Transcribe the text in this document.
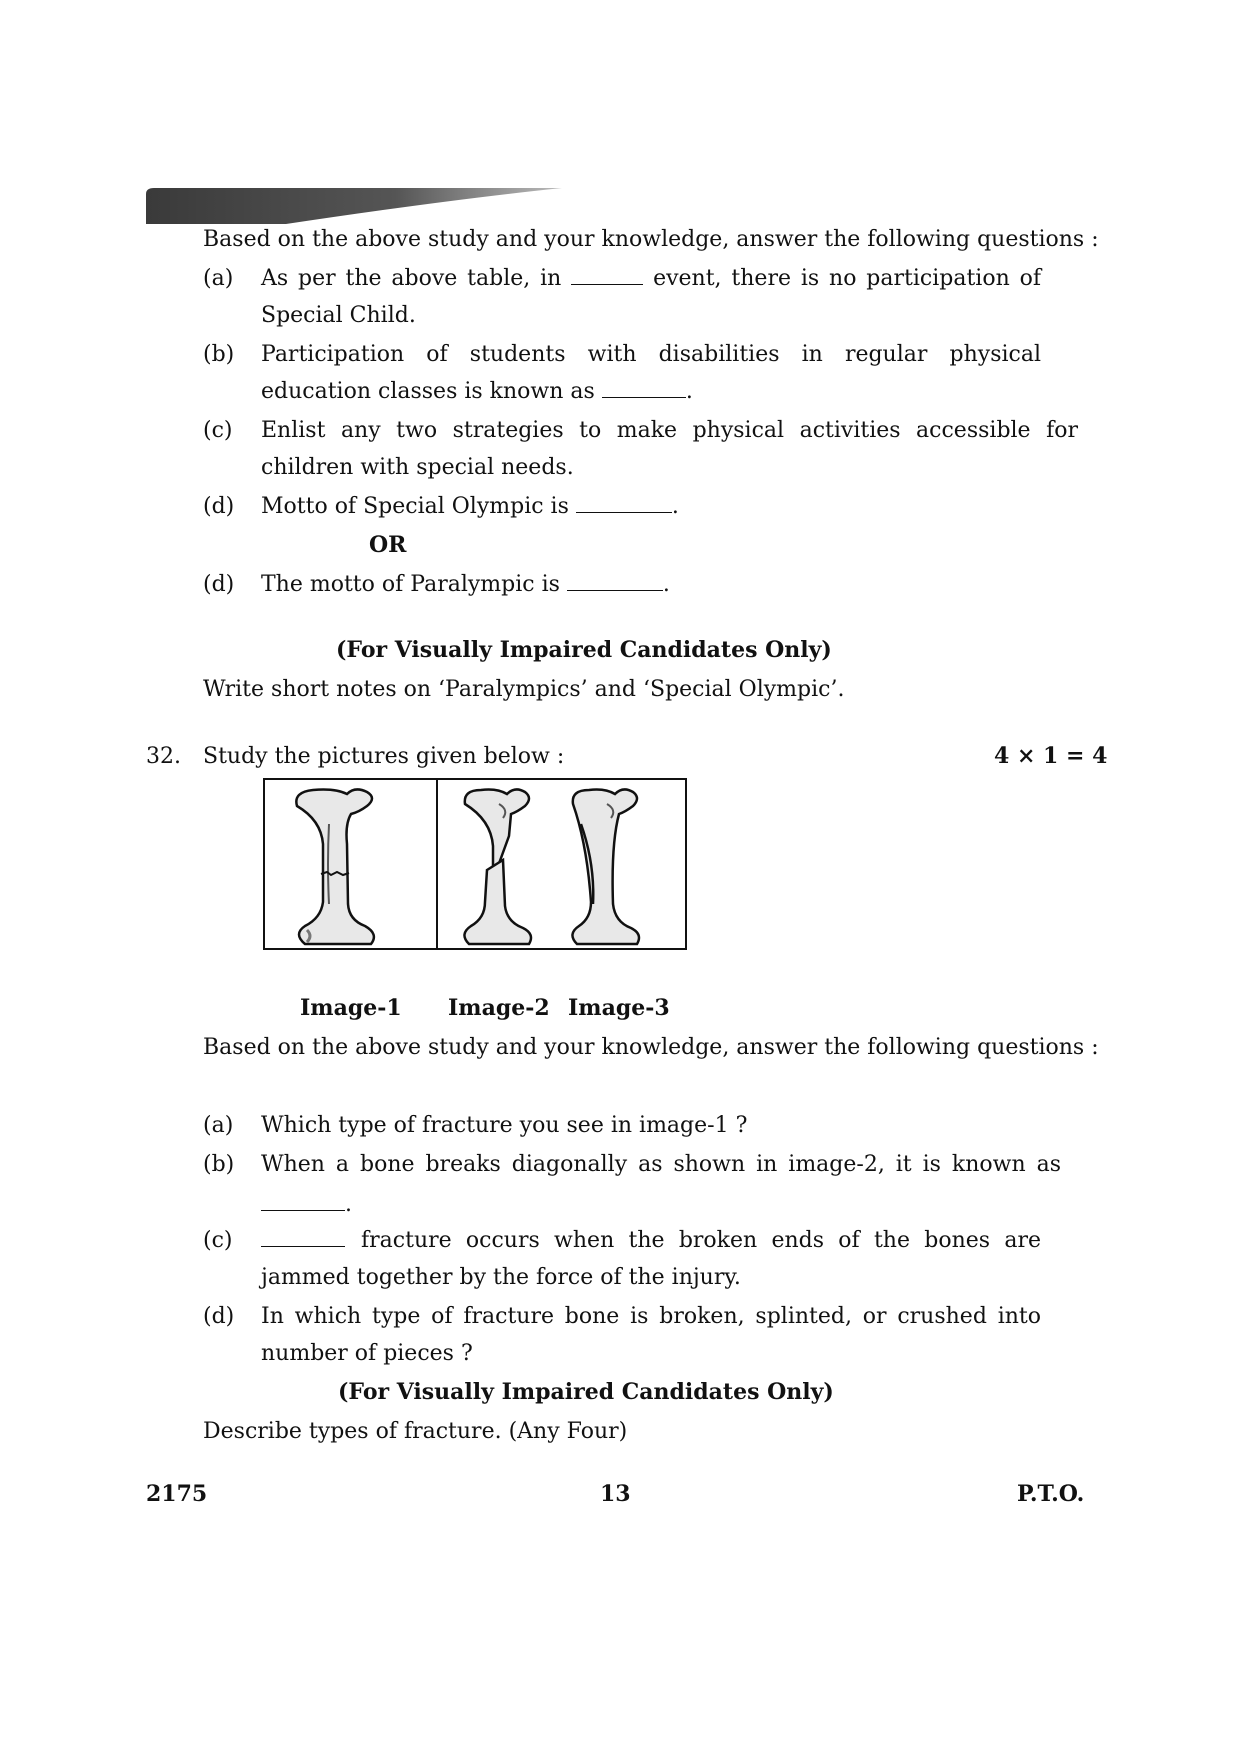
Based on the above study and your knowledge, answer the following questions :
(a) As per the above table, in	event, there is no participation of
Special Child.
(b) Participation of students with disabilities in regular physical
education classes is known as	.
(c) Enlist any two strategies to make physical activities accessible for
children with special needs.
(d) Motto of Special Olympic is	.
OR
(d) The motto of Paralympic is	.
(For Visually Impaired Candidates Only)
Write short notes on ‘Paralympics’ and ‘Special Olympic’.
32. Study the pictures given below :	4 × 1 = 4
Image-1 Image-2 Image-3
Based on the above study and your knowledge, answer the following questions :
(a) Which type of fracture you see in image-1 ?
(b) When a bone breaks diagonally as shown in image-2, it is known as
.
(c)	fracture occurs when the broken ends of the bones are
jammed together by the force of the injury.
(d) In which type of fracture bone is broken, splinted, or crushed into
number of pieces ?
(For Visually Impaired Candidates Only)
Describe types of fracture. (Any Four)
2175	13	P.T.O.
